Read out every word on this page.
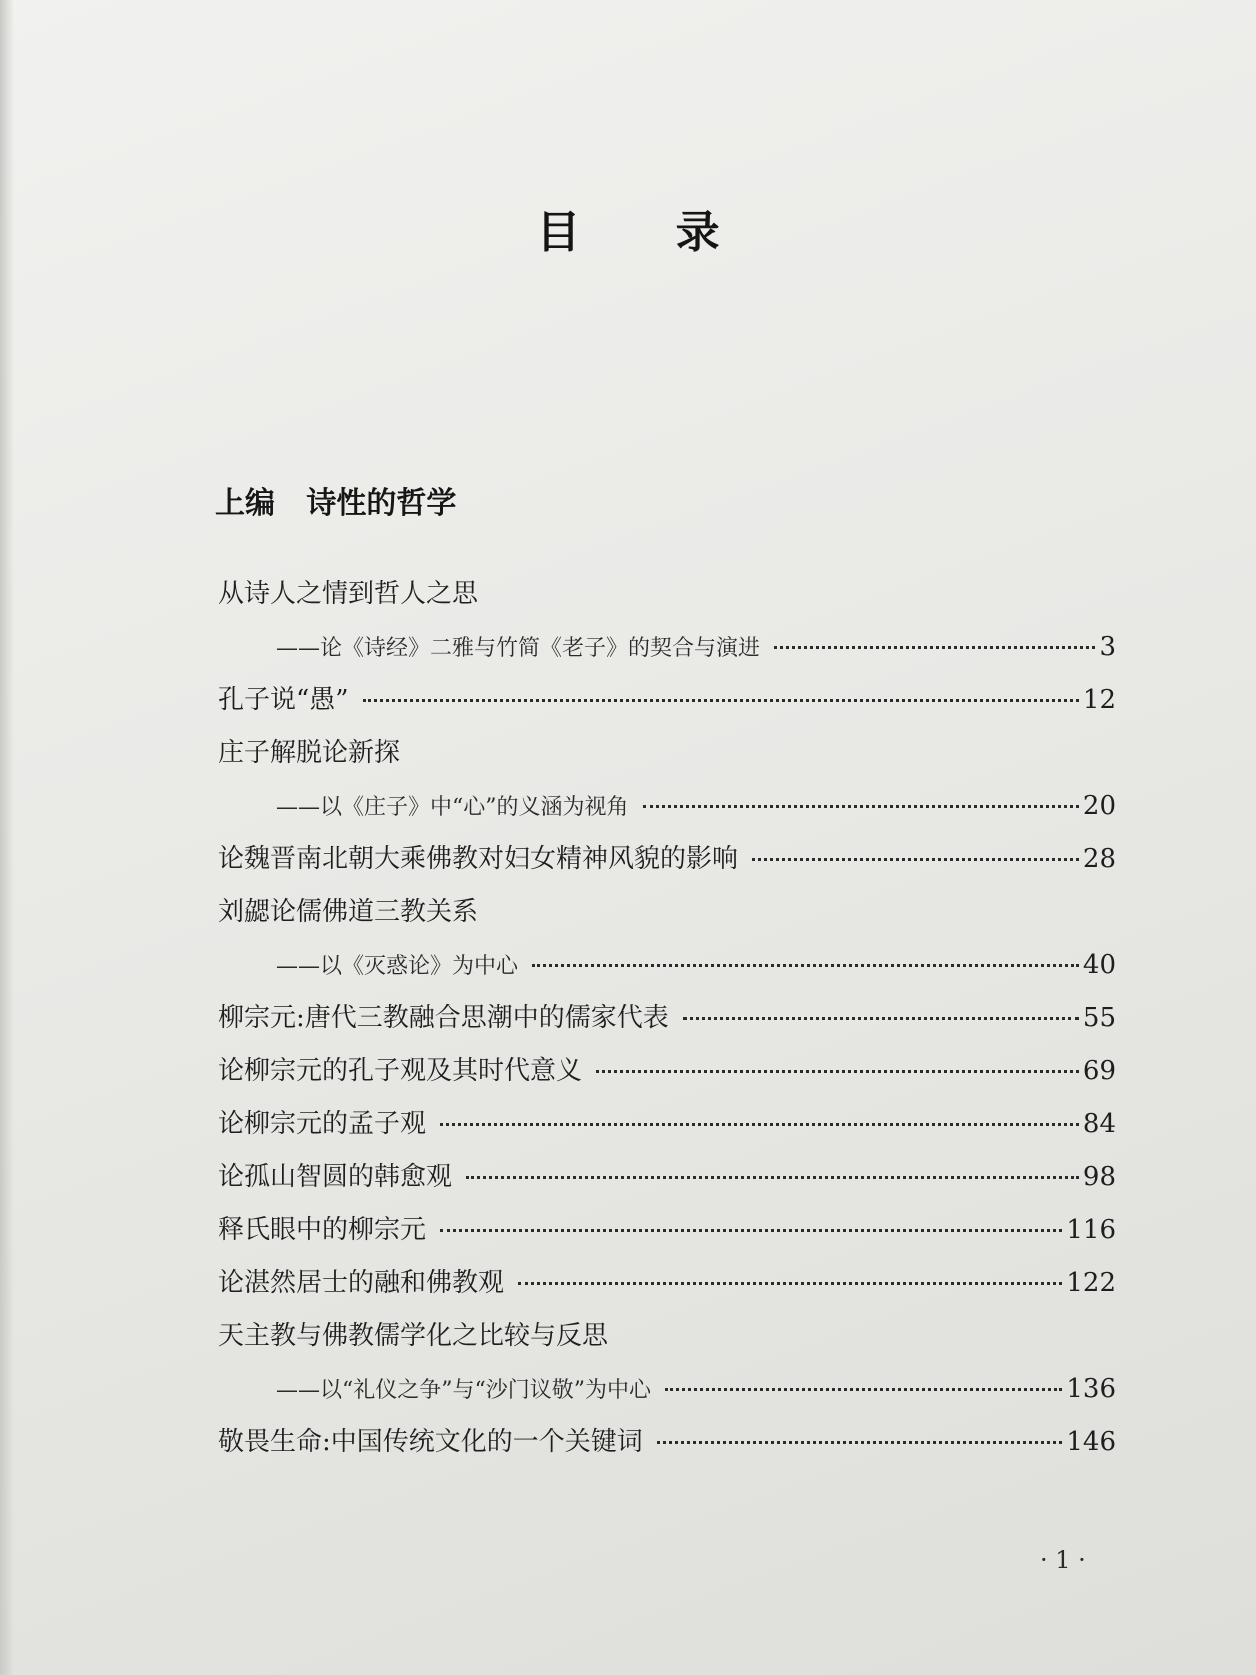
目 录
上编   诗性的哲学
从诗人之情到哲人之思
——论《诗经》二雅与竹简《老子》的契合与演进	3
孔子说“愚”	12
庄子解脱论新探
——以《庄子》中“心”的义涵为视角	20
论魏晋南北朝大乘佛教对妇女精神风貌的影响	28
刘勰论儒佛道三教关系
——以《灭惑论》为中心	40
柳宗元:唐代三教融合思潮中的儒家代表	55
论柳宗元的孔子观及其时代意义	69
论柳宗元的孟子观	84
论孤山智圆的韩愈观	98
释氏眼中的柳宗元	116
论湛然居士的融和佛教观	122
天主教与佛教儒学化之比较与反思
——以“礼仪之争”与“沙门议敬”为中心	136
敬畏生命:中国传统文化的一个关键词	146
· 1 ·
